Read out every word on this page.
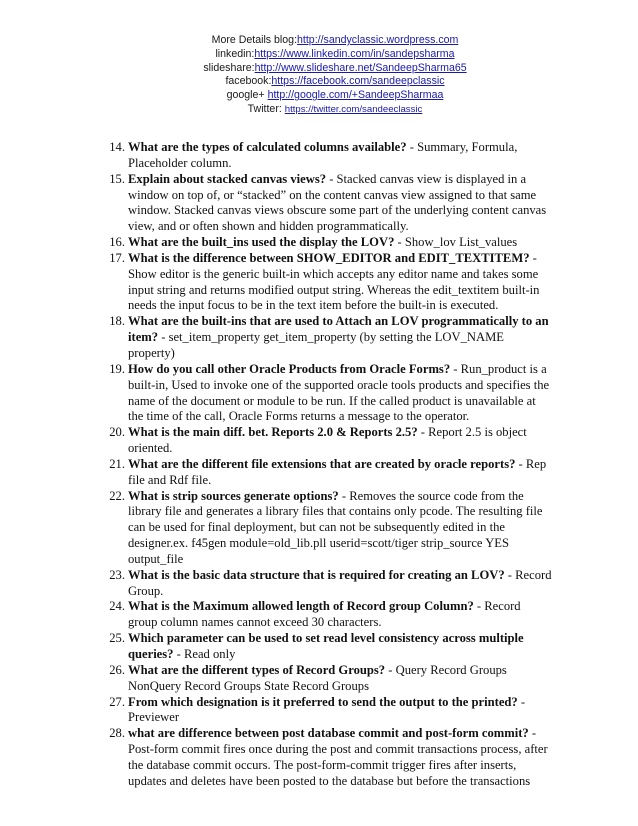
More Details blog:http://sandyclassic.wordpress.com
linkedin:https://www.linkedin.com/in/sandepsharma
slideshare:http://www.slideshare.net/SandeepSharma65
facebook:https://facebook.com/sandeepclassic
google+ http://google.com/+SandeepSharmaa
Twitter: https://twitter.com/sandeeclassic
14. What are the types of calculated columns available? - Summary, Formula, Placeholder column.
15. Explain about stacked canvas views? - Stacked canvas view is displayed in a window on top of, or “stacked” on the content canvas view assigned to that same window. Stacked canvas views obscure some part of the underlying content canvas view, and or often shown and hidden programmatically.
16. What are the built_ins used the display the LOV? - Show_lov List_values
17. What is the difference between SHOW_EDITOR and EDIT_TEXTITEM? - Show editor is the generic built-in which accepts any editor name and takes some input string and returns modified output string. Whereas the edit_textitem built-in needs the input focus to be in the text item before the built-in is executed.
18. What are the built-ins that are used to Attach an LOV programmatically to an item? - set_item_property get_item_property (by setting the LOV_NAME property)
19. How do you call other Oracle Products from Oracle Forms? - Run_product is a built-in, Used to invoke one of the supported oracle tools products and specifies the name of the document or module to be run. If the called product is unavailable at the time of the call, Oracle Forms returns a message to the operator.
20. What is the main diff. bet. Reports 2.0 & Reports 2.5? - Report 2.5 is object oriented.
21. What are the different file extensions that are created by oracle reports? - Rep file and Rdf file.
22. What is strip sources generate options? - Removes the source code from the library file and generates a library files that contains only pcode. The resulting file can be used for final deployment, but can not be subsequently edited in the designer.ex. f45gen module=old_lib.pll userid=scott/tiger strip_source YES output_file
23. What is the basic data structure that is required for creating an LOV? - Record Group.
24. What is the Maximum allowed length of Record group Column? - Record group column names cannot exceed 30 characters.
25. Which parameter can be used to set read level consistency across multiple queries? - Read only
26. What are the different types of Record Groups? - Query Record Groups NonQuery Record Groups State Record Groups
27. From which designation is it preferred to send the output to the printed? - Previewer
28. what are difference between post database commit and post-form commit? - Post-form commit fires once during the post and commit transactions process, after the database commit occurs. The post-form-commit trigger fires after inserts, updates and deletes have been posted to the database but before the transactions
